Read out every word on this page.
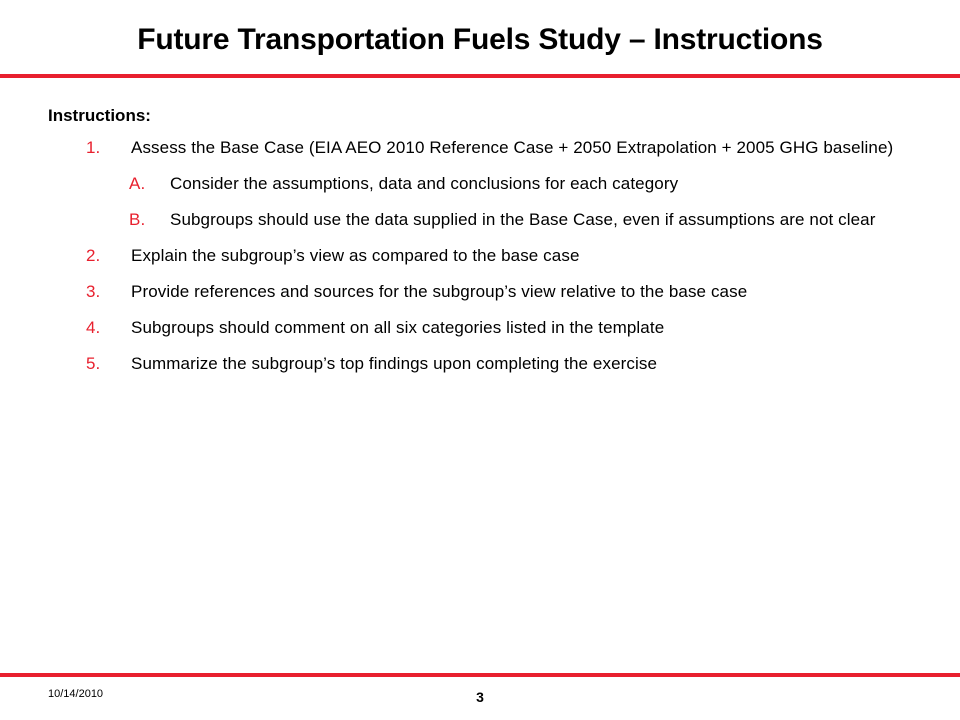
Future Transportation Fuels Study – Instructions
Instructions:
1. Assess the Base Case (EIA AEO 2010 Reference Case + 2050 Extrapolation + 2005 GHG baseline)
A. Consider the assumptions, data and conclusions for each category
B. Subgroups should use the data supplied in the Base Case, even if assumptions are not clear
2. Explain the subgroup’s view as compared to the base case
3. Provide references and sources for the subgroup’s view relative to the base case
4. Subgroups should comment on all six categories listed in the template
5. Summarize the subgroup’s top findings upon completing the exercise
10/14/2010	3
